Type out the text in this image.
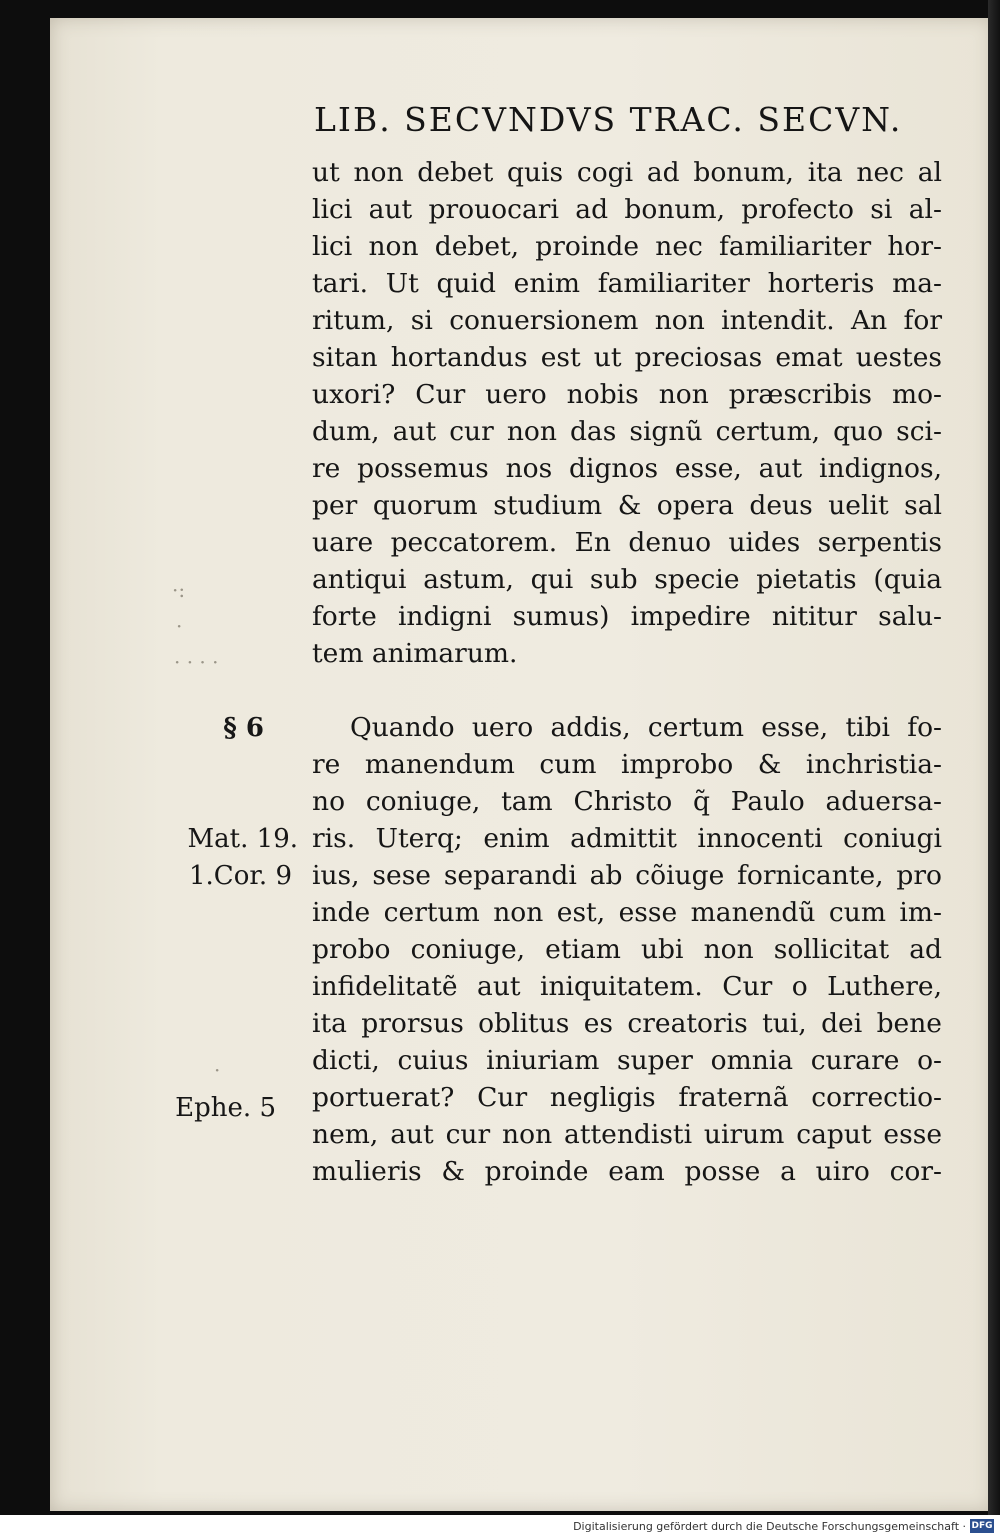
LIB. SECVNDVS TRAC. SECVN.
ut non debet quis cogi ad bonum, ita nec al
lici aut prouocari ad bonum, profecto si al-
lici non debet, proinde nec familiariter hor-
tari. Ut quid enim familiariter horteris ma-
ritum, si conuersionem non intendit. An for
sitan hortandus est ut preciosas emat uestes
uxori? Cur uero nobis non præscribis mo-
dum, aut cur non das signũ certum, quo sci-
re possemus nos dignos esse, aut indignos,
per quorum studium & opera deus uelit sal
uare peccatorem. En denuo uides serpentis
antiqui astum, qui sub specie pietatis (quia
forte indigni sumus) impedire nititur salu-
tem animarum.
Quando uero addis, certum esse, tibi fo-
re manendum cum improbo & inchristia-
no coniuge, tam Christo q̃ Paulo aduersa-
ris. Uterq; enim admittit innocenti coniugi
ius, sese separandi ab cõiuge fornicante, pro
inde certum non est, esse manendũ cum im-
probo coniuge, etiam ubi non sollicitat ad
infidelitatẽ aut iniquitatem. Cur o Luthere,
ita prorsus oblitus es creatoris tui, dei bene
dicti, cuius iniuriam super omnia curare o-
portuerat? Cur negligis fraternã correctio-
nem, aut cur non attendisti uirum caput esse
mulieris & proinde eam posse a uiro cor-
§ 6
Mat. 19.
1.Cor. 9
Ephe. 5
·:
·
· · · ·
·
Digitalisierung gefördert durch die Deutsche Forschungsgemeinschaft · DFG
